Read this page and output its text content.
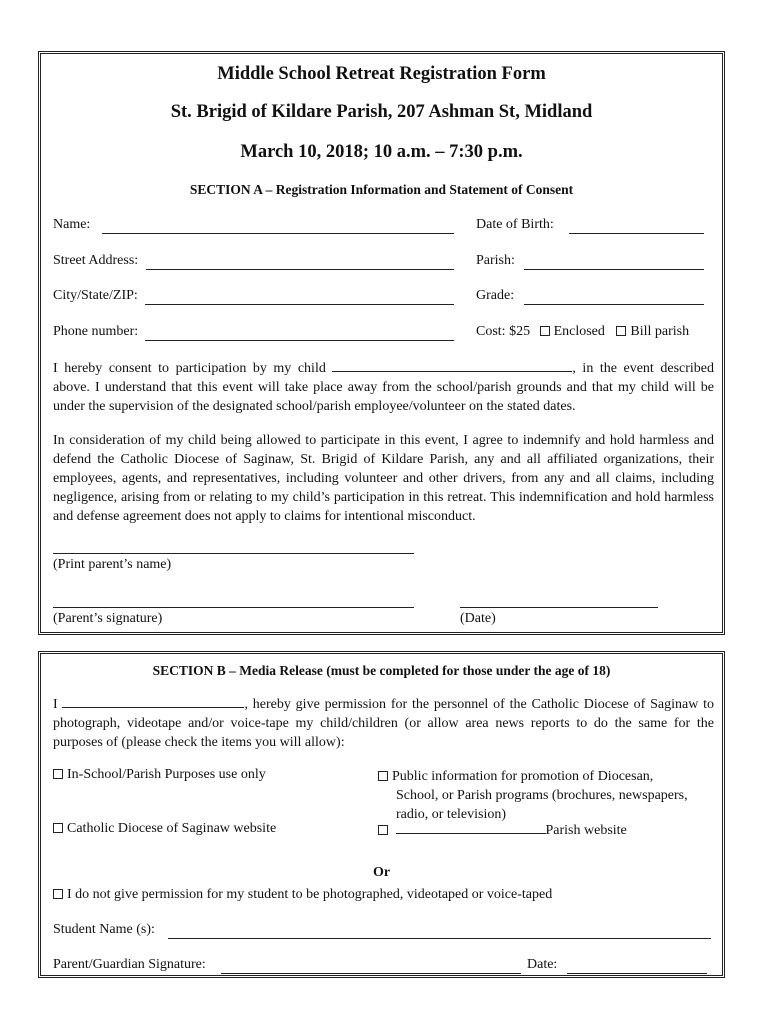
Middle School Retreat Registration Form
St. Brigid of Kildare Parish, 207 Ashman St, Midland
March 10, 2018; 10 a.m. – 7:30 p.m.
SECTION A – Registration Information and Statement of Consent
Name:	Date of Birth:
Street Address:	Parish:
City/State/ZIP:	Grade:
Phone number:	Cost: $25 Enclosed Bill parish
I hereby consent to participation by my child	, in the event described above. I understand that this event will take place away from the school/parish grounds and that my child will be under the supervision of the designated school/parish employee/volunteer on the stated dates.
In consideration of my child being allowed to participate in this event, I agree to indemnify and hold harmless and defend the Catholic Diocese of Saginaw, St. Brigid of Kildare Parish, any and all affiliated organizations, their employees, agents, and representatives, including volunteer and other drivers, from any and all claims, including negligence, arising from or relating to my child’s participation in this retreat. This indemnification and hold harmless and defense agreement does not apply to claims for intentional misconduct.
(Print parent’s name)
(Parent’s signature)	(Date)
SECTION B – Media Release (must be completed for those under the age of 18)
I	, hereby give permission for the personnel of the Catholic Diocese of Saginaw to photograph, videotape and/or voice-tape my child/children (or allow area news reports to do the same for the purposes of (please check the items you will allow):
In-School/Parish Purposes use only	Public information for promotion of Diocesan,
School, or Parish programs (brochures, newspapers,
radio, or television)
Catholic Diocese of Saginaw website	Parish website
Or
I do not give permission for my student to be photographed, videotaped or voice-taped
Student Name (s):
Parent/Guardian Signature:	Date:
